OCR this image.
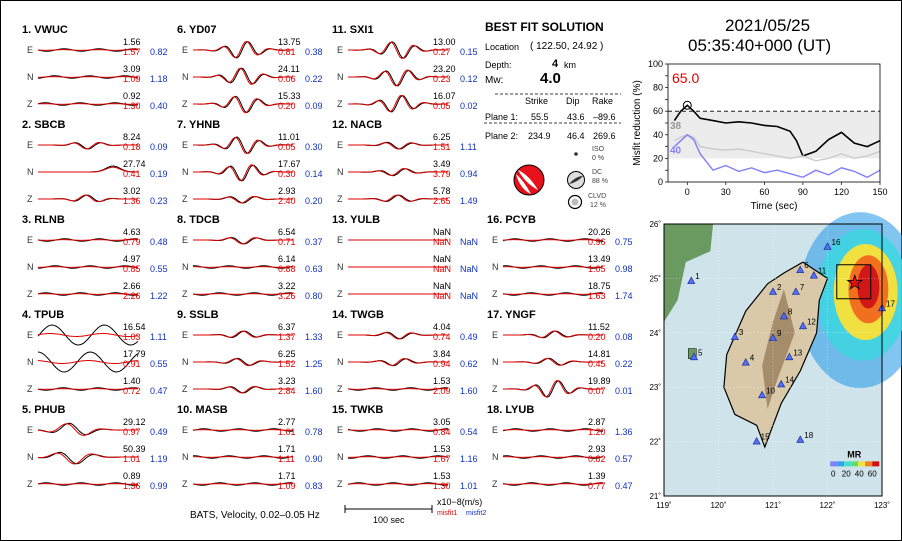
1. VWUC
E
1.56
1.57 0.82
N
3.09
1.09 1.18
Z
0.92
1.30 0.40
2. SBCB
E
8.24
0.18 0.09
N
27.74
0.41 0.19
Z
3.02
1.36 0.23
3. RLNB
E
4.63
0.79 0.48
N
4.97
0.85 0.55
Z
2.66
2.26 1.22
4. TPUB
E
16.54
1.03 1.11
N
17.79
0.91 0.55
Z
1.40
0.72 0.47
5. PHUB
E
29.12
0.97 0.49
N
50.39
1.01 1.19
Z
0.89
1.36 0.99
6. YD07
E
13.75
0.81 0.38
N
24.11
0.06 0.22
Z
15.33
0.20 0.09
7. YHNB
E
11.01
0.05 0.30
N
17.67
0.30 0.14
Z
2.93
2.40 0.20
8. TDCB
E
6.54
0.71 0.37
N
6.14
0.88 0.63
Z
3.22
3.26 0.80
9. SSLB
E
6.37
1.37 1.33
N
6.25
1.52 1.25
Z
3.23
2.84 1.60
10. MASB
E
2.77
1.01 0.78
N
1.71
1.11 0.90
Z
1.71
1.09 0.83
11. SXI1
E
13.00
0.27 0.15
N
23.20
0.23 0.12
Z
16.07
0.05 0.02
12. NACB
E
6.25
1.51 1.11
N
3.49
3.79 0.94
Z
5.78
2.65 1.49
13. YULB
E
NaN
NaN NaN
N
NaN
NaN NaN
Z
NaN
NaN NaN
14. TWGB
E
4.04
0.74 0.49
N
3.84
0.94 0.62
Z
1.53
2.09 1.60
15. TWKB
E
3.05
0.84 0.54
N
1.53
1.67 1.16
Z
1.53
1.30 1.01
16. PCYB
E
20.26
0.96 0.75
N
13.49
1.05 0.98
Z
18.75
1.63 1.74
17. YNGF
E
11.52
0.20 0.08
N
14.81
0.45 0.22
Z
19.89
0.07 0.01
18. LYUB
E
2.87
1.20 1.36
N
2.93
0.82 0.57
Z
1.39
0.77 0.47
BATS, Velocity, 0.02–0.05 Hz	100 sec
x10−8(m/s)
misfit1 misfit2
BEST FIT SOLUTION
Location ( 122.50, 24.92 )
Depth:	4 km
Mw: 4.0
Strike Dip Rake
Plane 1: 55.5 43.6 –89.6
Plane 2: 234.9 46.4 269.6
ISO
0 %
DC
88 %
CLVD
12 %
2021/05/25
05:35:40+000 (UT)
0
20
40
60
80
100
0	30	60	90	120	150
Time (sec)
Misfit reduction (%)
65.0
38
40
1
2
3
4
5
6
7
8
9
10
11
12
13
14
15
16
17
18
119˚	120˚	121˚	122˚	123˚
26˚
25˚
24˚
23˚
22˚
21˚
MR
0 20 40 60
